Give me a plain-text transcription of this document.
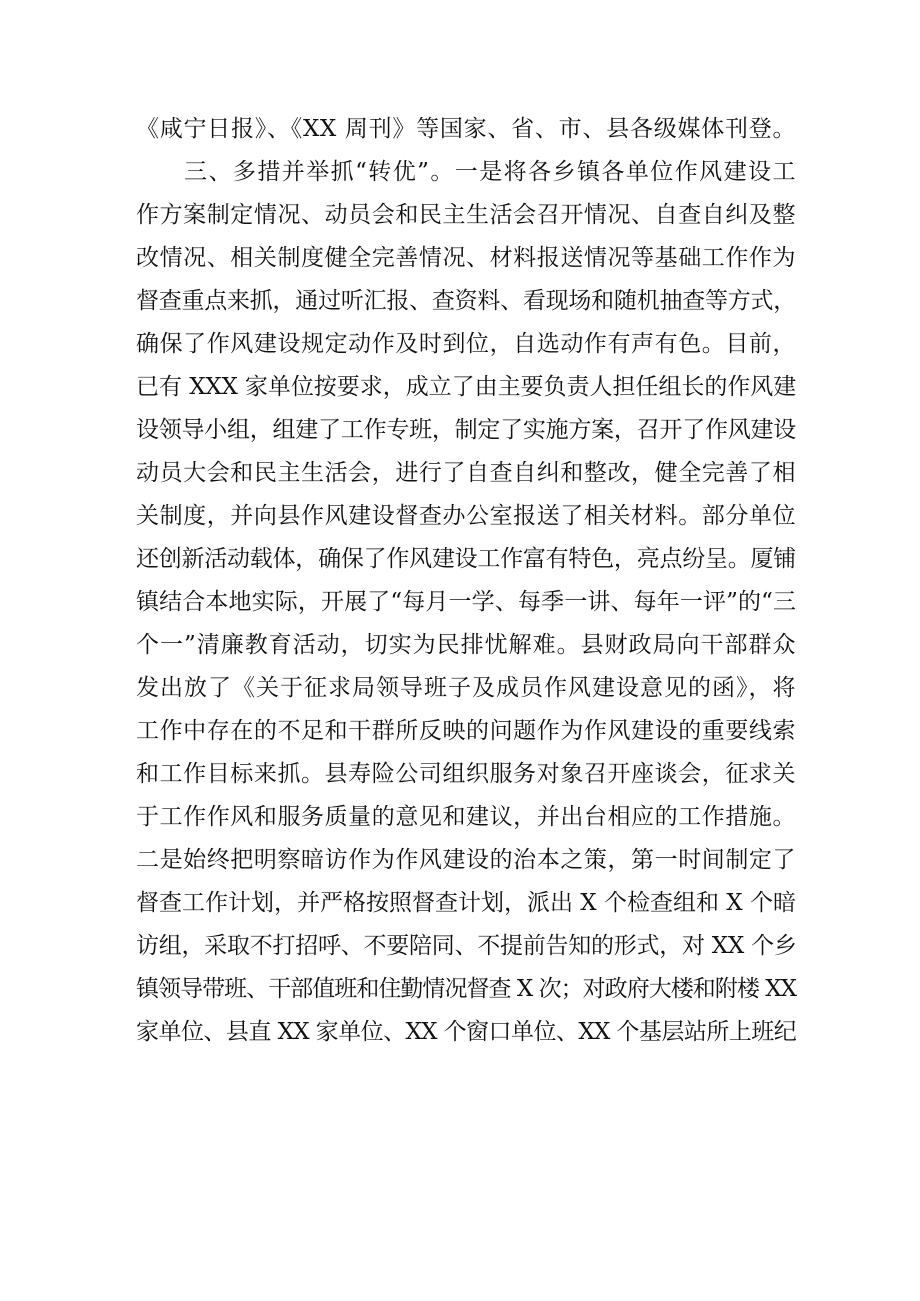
《咸宁日报》、《XX 周刊》等国家、省、市、县各级媒体刊登。
三、多措并举抓“转优”。一是将各乡镇各单位作风建设工
作方案制定情况、动员会和民主生活会召开情况、自查自纠及整
改情况、相关制度健全完善情况、材料报送情况等基础工作作为
督查重点来抓，通过听汇报、查资料、看现场和随机抽查等方式，
确保了作风建设规定动作及时到位，自选动作有声有色。目前，
已有 XXX 家单位按要求，成立了由主要负责人担任组长的作风建
设领导小组，组建了工作专班，制定了实施方案，召开了作风建设
动员大会和民主生活会，进行了自查自纠和整改，健全完善了相
关制度，并向县作风建设督查办公室报送了相关材料。部分单位
还创新活动载体，确保了作风建设工作富有特色，亮点纷呈。厦铺
镇结合本地实际，开展了“每月一学、每季一讲、每年一评”的“三
个一”清廉教育活动，切实为民排忧解难。县财政局向干部群众
发出放了《关于征求局领导班子及成员作风建设意见的函》，将
工作中存在的不足和干群所反映的问题作为作风建设的重要线索
和工作目标来抓。县寿险公司组织服务对象召开座谈会，征求关
于工作作风和服务质量的意见和建议，并出台相应的工作措施。
二是始终把明察暗访作为作风建设的治本之策，第一时间制定了
督查工作计划，并严格按照督查计划，派出 X 个检查组和 X 个暗
访组，采取不打招呼、不要陪同、不提前告知的形式，对 XX 个乡
镇领导带班、干部值班和住勤情况督查 X 次；对政府大楼和附楼 XX
家单位、县直 XX 家单位、XX 个窗口单位、XX 个基层站所上班纪
